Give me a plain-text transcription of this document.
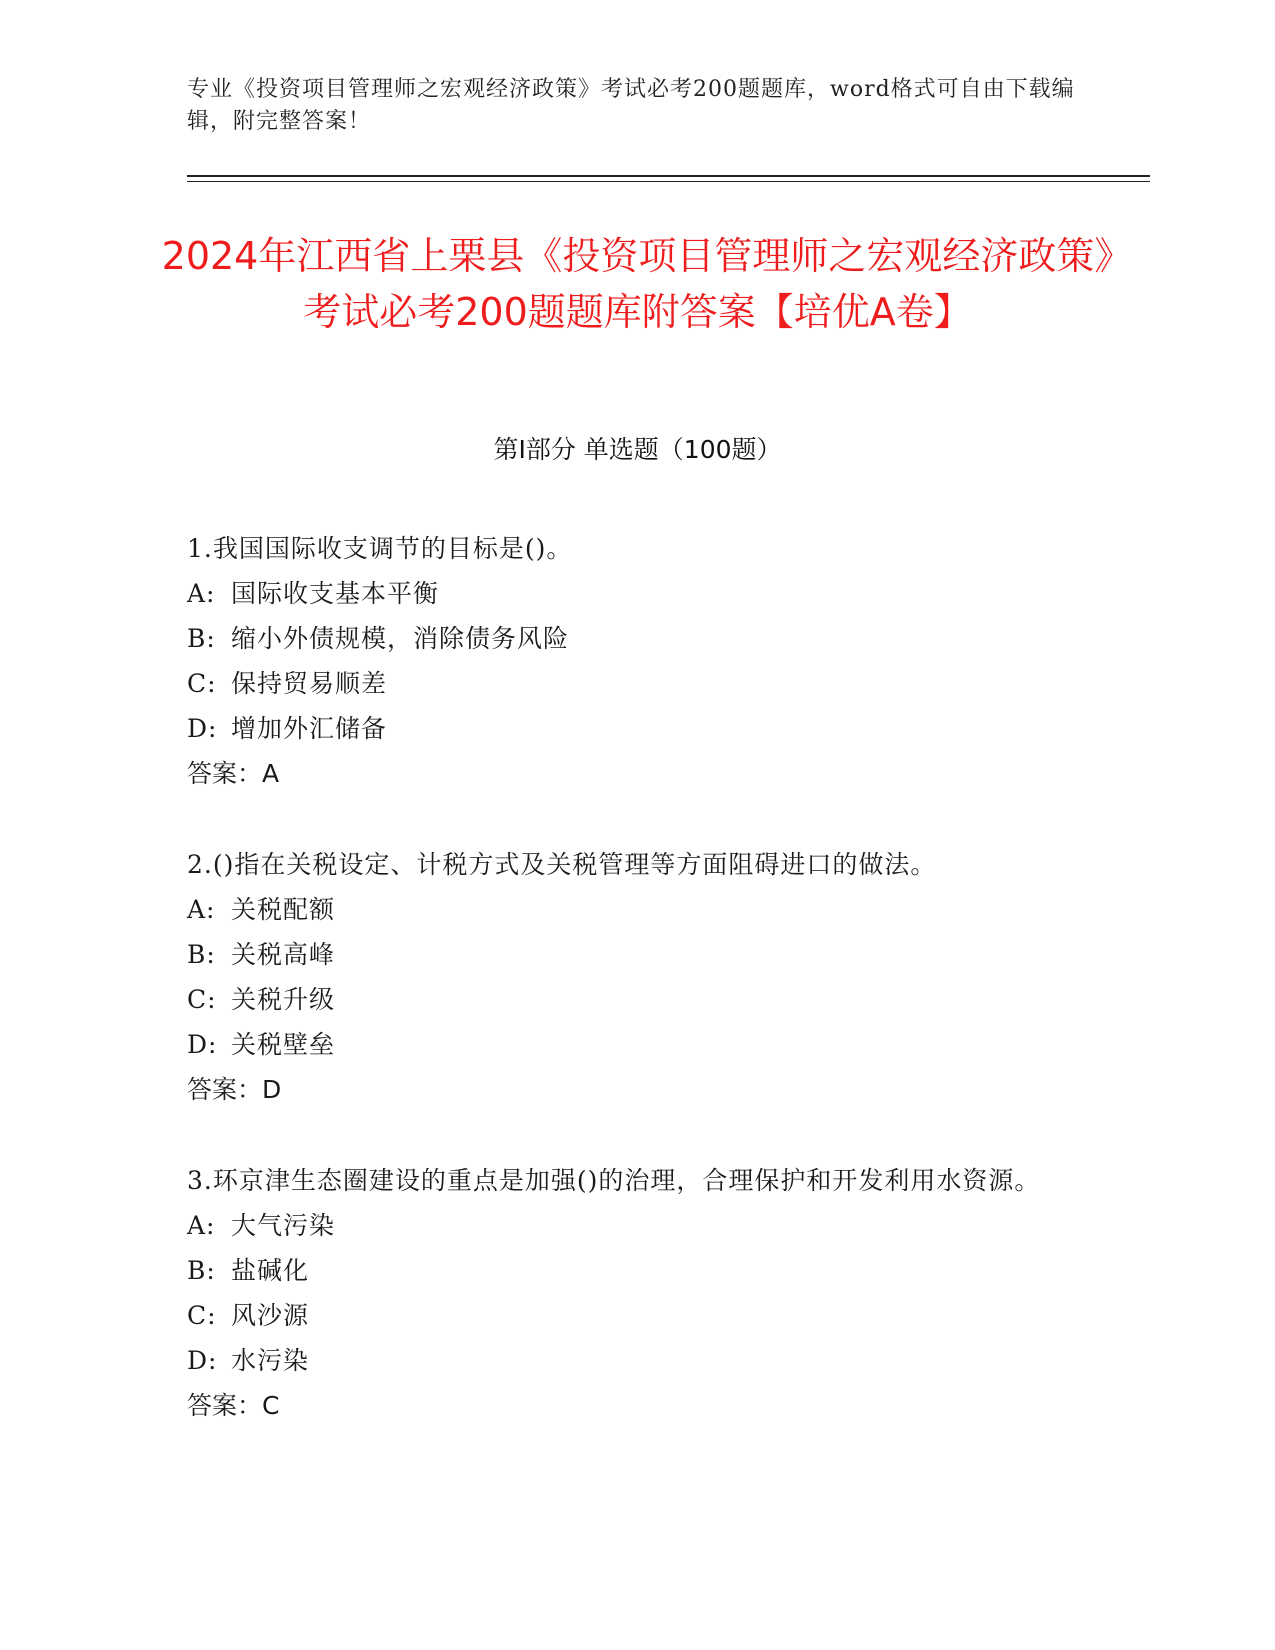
专业《投资项目管理师之宏观经济政策》考试必考200题题库，word格式可自由下载编辑，附完整答案！
2024年江西省上栗县《投资项目管理师之宏观经济政策》考试必考200题题库附答案【培优A卷】
第I部分 单选题（100题）
1.我国国际收支调节的目标是()。
A: 国际收支基本平衡
B: 缩小外债规模，消除债务风险
C: 保持贸易顺差
D: 增加外汇储备
答案：A
2.()指在关税设定、计税方式及关税管理等方面阻碍进口的做法。
A: 关税配额
B: 关税高峰
C: 关税升级
D: 关税壁垒
答案：D
3.环京津生态圈建设的重点是加强()的治理，合理保护和开发利用水资源。
A: 大气污染
B: 盐碱化
C: 风沙源
D: 水污染
答案：C
